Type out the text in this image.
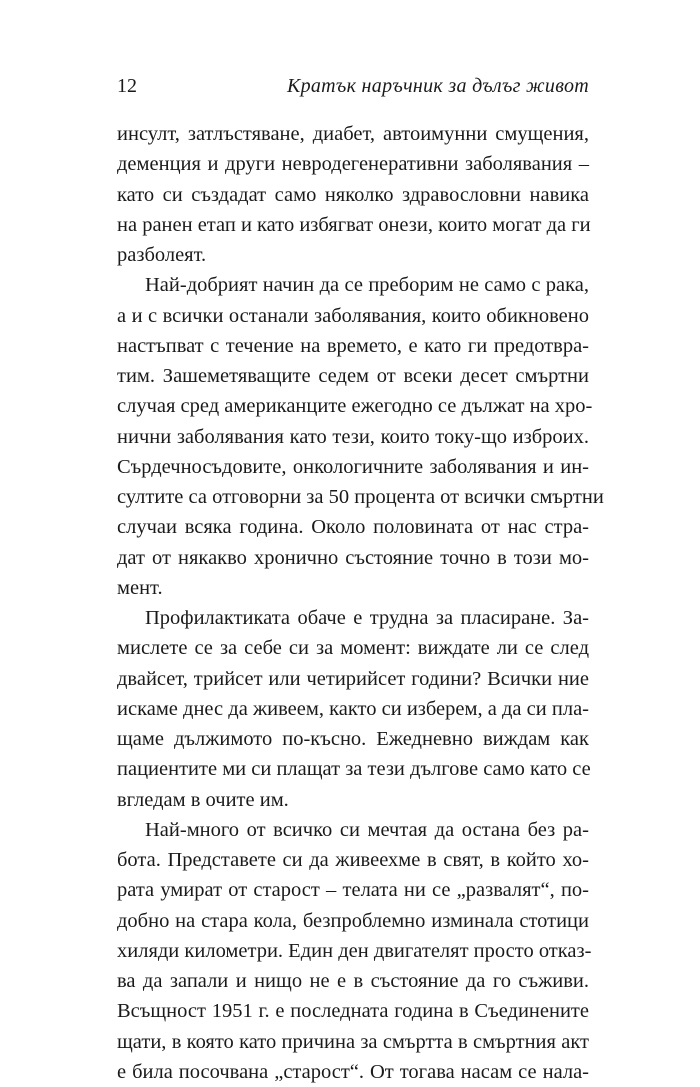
12	Кратък наръчник за дълъг живот
инсулт, затлъстяване, диабет, автоимунни смущения,
деменция и други невродегенеративни заболявания –
като си създадат само няколко здравословни навика
на ранен етап и като избягват онези, които могат да ги
разболеят.
Най-добрият начин да се преборим не само с рака,
а и с всички останали заболявания, които обикновено
настъпват с течение на времето, е като ги предотвра-
тим. Зашеметяващите седем от всеки десет смъртни
случая сред американците ежегодно се дължат на хро-
нични заболявания като тези, които току-що изброих.
Сърдечносъдовите, онкологичните заболявания и ин-
султите са отговорни за 50 процента от всички смъртни
случаи всяка година. Около половината от нас стра-
дат от някакво хронично състояние точно в този мо-
мент.
Профилактиката обаче е трудна за пласиране. За-
мислете се за себе си за момент: виждате ли се след
двайсет, трийсет или четирийсет години? Всички ние
искаме днес да живеем, както си изберем, а да си пла-
щаме дължимото по-късно. Ежедневно виждам как
пациентите ми си плащат за тези дългове само като се
вгледам в очите им.
Най-много от всичко си мечтая да остана без ра-
бота. Представете си да живеехме в свят, в който хо-
рата умират от старост – телата ни се „развалят“, по-
добно на стара кола, безпроблемно изминала стотици
хиляди километри. Един ден двигателят просто отказ-
ва да запали и нищо не е в състояние да го съживи.
Всъщност 1951 г. е последната година в Съединените
щати, в която като причина за смъртта в смъртния акт
е била посочвана „старост“. От тогава насам се нала-
